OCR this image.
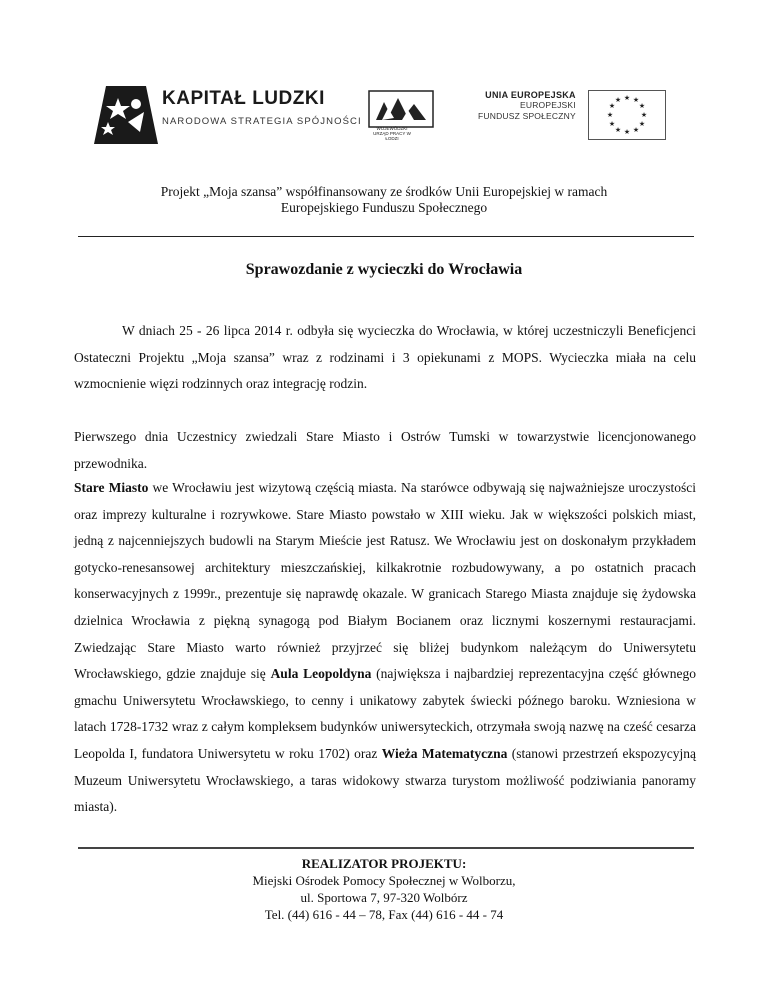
KAPITAŁ LUDZKI
NARODOWA STRATEGIA SPÓJNOŚCI
WOJEWÓDZKI URZĄD PRACY W ŁODZI
UNIA EUROPEJSKA
EUROPEJSKI
FUNDUSZ SPOŁECZNY
★ ★
★
★
★
★
★
★
★
★
★
★
Projekt „Moja szansa” współfinansowany ze środków Unii Europejskiej w ramach
Europejskiego Funduszu Społecznego
Sprawozdanie z wycieczki do Wrocławia
W dniach 25 - 26 lipca 2014 r. odbyła się wycieczka do Wrocławia, w której uczestniczyli Beneficjenci Ostateczni Projektu „Moja szansa” wraz z rodzinami i 3 opiekunami z MOPS. Wycieczka miała na celu wzmocnienie więzi rodzinnych oraz integrację rodzin.
Pierwszego dnia Uczestnicy zwiedzali Stare Miasto i Ostrów Tumski w towarzystwie licencjonowanego przewodnika.
Stare Miasto we Wrocławiu jest wizytową częścią miasta. Na starówce odbywają się najważniejsze uroczystości oraz imprezy kulturalne i rozrywkowe. Stare Miasto powstało w XIII wieku. Jak w większości polskich miast, jedną z najcenniejszych budowli na Starym Mieście jest Ratusz. We Wrocławiu jest on doskonałym przykładem gotycko-renesansowej architektury mieszczańskiej, kilkakrotnie rozbudowywany, a po ostatnich pracach konserwacyjnych z 1999r., prezentuje się naprawdę okazale. W granicach Starego Miasta znajduje się żydowska dzielnica Wrocławia z piękną synagogą pod Białym Bocianem oraz licznymi koszernymi restauracjami. Zwiedzając Stare Miasto warto również przyjrzeć się bliżej budynkom należącym do Uniwersytetu Wrocławskiego, gdzie znajduje się Aula Leopoldyna (największa i najbardziej reprezentacyjna część głównego gmachu Uniwersytetu Wrocławskiego, to cenny i unikatowy zabytek świecki późnego baroku. Wzniesiona w latach 1728-1732 wraz z całym kompleksem budynków uniwersyteckich, otrzymała swoją nazwę na cześć cesarza Leopolda I, fundatora Uniwersytetu w roku 1702) oraz Wieża Matematyczna (stanowi przestrzeń ekspozycyjną Muzeum Uniwersytetu Wrocławskiego, a taras widokowy stwarza turystom możliwość podziwiania panoramy miasta).
REALIZATOR PROJEKTU:
Miejski Ośrodek Pomocy Społecznej w Wolborzu,
ul. Sportowa 7, 97-320 Wolbórz
Tel. (44) 616 - 44 – 78, Fax (44) 616 - 44 - 74
